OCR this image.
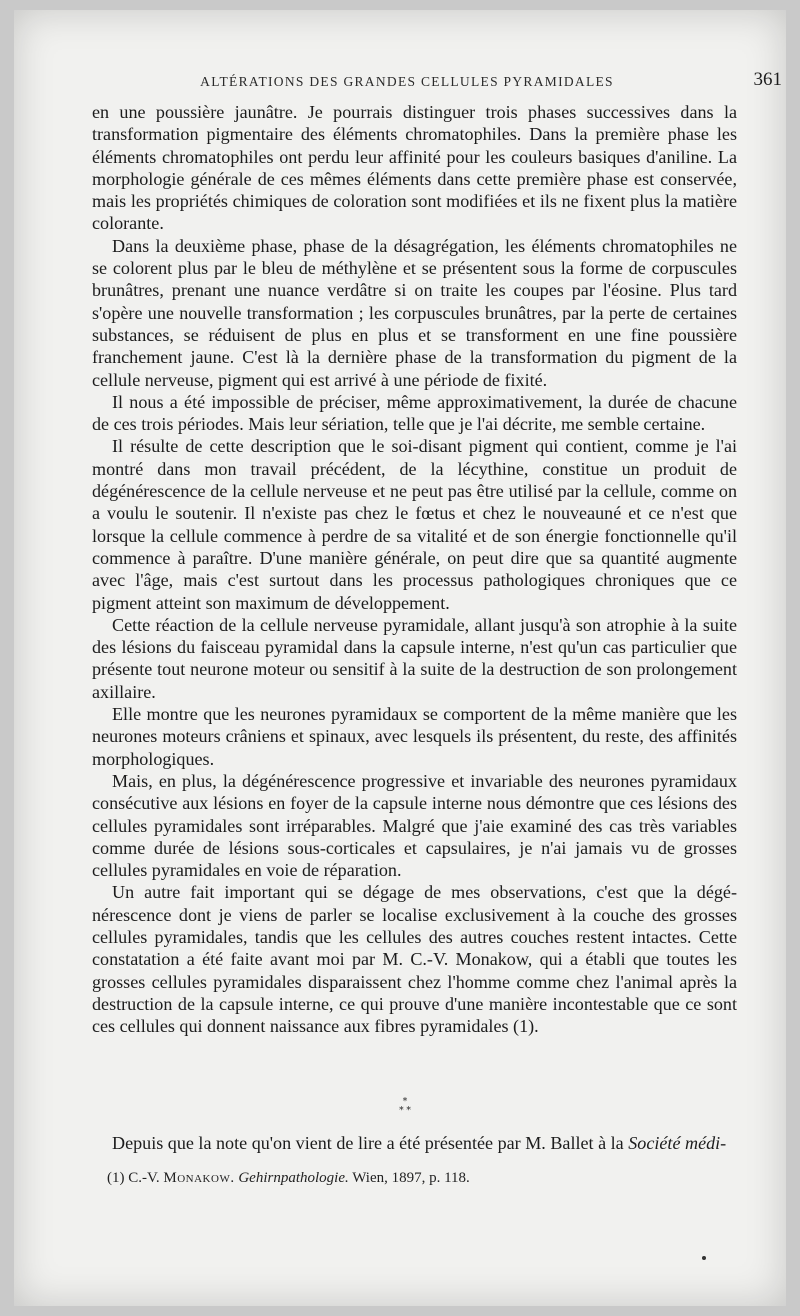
ALTÉRATIONS DES GRANDES CELLULES PYRAMIDALES	361

en une poussière jaunâtre. Je pourrais distinguer trois phases successives dans la transformation pigmentaire des éléments chromatophiles. Dans la première phase les éléments chromatophiles ont perdu leur affinité pour les couleurs basiques d'aniline. La morphologie générale de ces mêmes éléments dans cette première phase est conservée, mais les propriétés chimiques de coloration sont modifiées et ils ne fixent plus la matière colorante.

Dans la deuxième phase, phase de la désagrégation, les éléments chromatophiles ne se colorent plus par le bleu de méthylène et se présentent sous la forme de corpuscules brunâtres, prenant une nuance verdâtre si on traite les coupes par l'éosine. Plus tard s'opère une nouvelle transformation ; les corpuscules brunâtres, par la perte de certaines substances, se réduisent de plus en plus et se transforment en une fine poussière franchement jaune. C'est là la dernière phase de la transformation du pigment de la cellule nerveuse, pigment qui est arrivé à une période de fixité.

Il nous a été impossible de préciser, même approximativement, la durée de chacune de ces trois périodes. Mais leur sériation, telle que je l'ai décrite, me semble certaine.

Il résulte de cette description que le soi-disant pigment qui contient, comme je l'ai montré dans mon travail précédent, de la lécythine, constitue un produit de dégénérescence de la cellule nerveuse et ne peut pas être utilisé par la cellule, comme on a voulu le soutenir. Il n'existe pas chez le fœtus et chez le nouveauné et ce n'est que lorsque la cellule commence à perdre de sa vitalité et de son énergie fonctionnelle qu'il commence à paraître. D'une manière générale, on peut dire que sa quantité augmente avec l'âge, mais c'est surtout dans les processus pathologiques chroniques que ce pigment atteint son maximum de développement.

Cette réaction de la cellule nerveuse pyramidale, allant jusqu'à son atrophie à la suite des lésions du faisceau pyramidal dans la capsule interne, n'est qu'un cas particulier que présente tout neurone moteur ou sensitif à la suite de la destruction de son prolongement axillaire.

Elle montre que les neurones pyramidaux se comportent de la même manière que les neurones moteurs crâniens et spinaux, avec lesquels ils présentent, du reste, des affinités morphologiques.

Mais, en plus, la dégénérescence progressive et invariable des neurones pyramidaux consécutive aux lésions en foyer de la capsule interne nous démontre que ces lésions des cellules pyramidales sont irréparables. Malgré que j'aie examiné des cas très variables comme durée de lésions sous-corticales et capsulaires, je n'ai jamais vu de grosses cellules pyramidales en voie de réparation.

Un autre fait important qui se dégage de mes observations, c'est que la dégénérescence dont je viens de parler se localise exclusivement à la couche des grosses cellules pyramidales, tandis que les cellules des autres couches restent intactes. Cette constatation a été faite avant moi par M. C.-V. Monakow, qui a établi que toutes les grosses cellules pyramidales disparaissent chez l'homme comme chez l'animal après la destruction de la capsule interne, ce qui prouve d'une manière incontestable que ce sont ces cellules qui donnent naissance aux fibres pyramidales (1).

*
* *
Depuis que la note qu'on vient de lire a été présentée par M. Ballet à la Société médi-
(1) C.-V. Monakow. Gehirnpathologie. Wien, 1897, p. 118.
